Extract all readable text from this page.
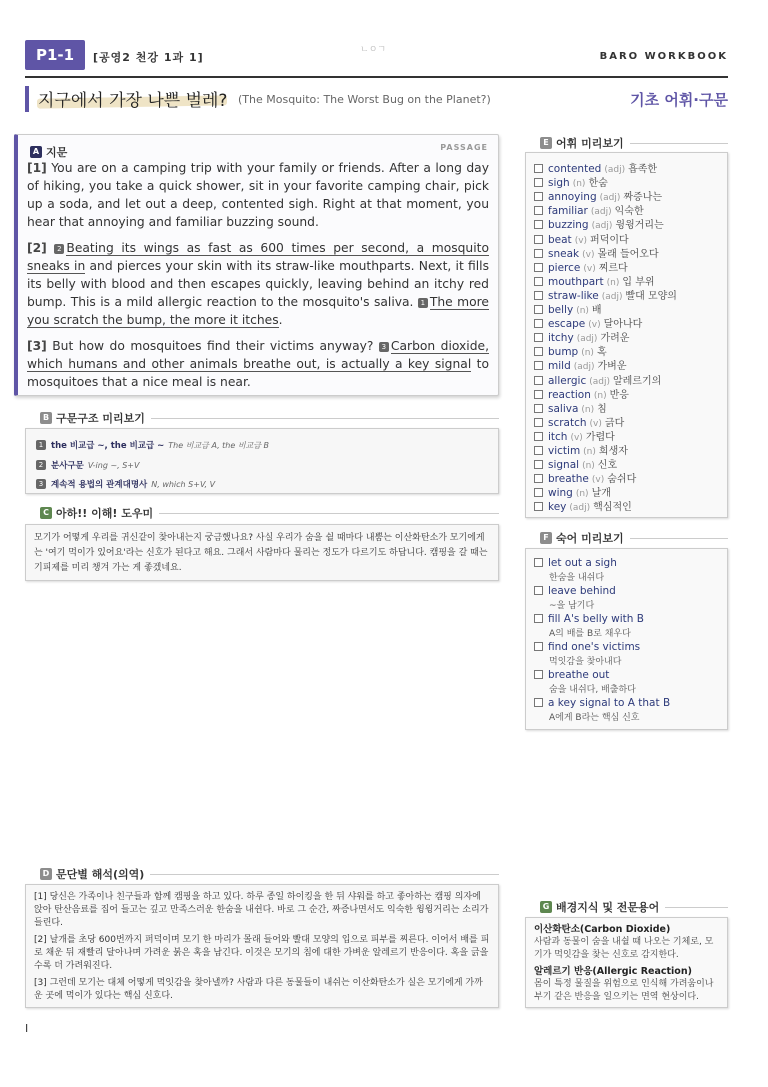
P1-1	[공영2 천강 1과 1]
ㄴㅇㄱ
BARO WORKBOOK
지구에서 가장 나쁜 벌레? (The Mosquito: The Worst Bug on the Planet?)	기초 어휘·구문
A 지문	PASSAGE

[1] You are on a camping trip with your family or friends. After a long day of hiking, you take a quick shower, sit in your favorite camping chair, pick up a soda, and let out a deep, contented sigh. Right at that moment, you hear that annoying and familiar buzzing sound.

[2] 2 Beating its wings as fast as 600 times per second, a mosquito sneaks in and pierces your skin with its straw-like mouthparts. Next, it fills its belly with blood and then escapes quickly, leaving behind an itchy red bump. This is a mild allergic reaction to the mosquito's saliva. 1 The more you scratch the bump, the more it itches.

[3] But how do mosquitoes find their victims anyway? 3 Carbon dioxide, which humans and other animals breathe out, is actually a key signal to mosquitoes that a nice meal is near.

B 구문구조 미리보기
1 the 비교급 ~, the 비교급 ~ The 비교급 A, the 비교급 B
2 분사구문 V-ing ~, S+V
3 계속적 용법의 관계대명사 N, which S+V, V
C 아하!! 이해! 도우미
모기가 어떻게 우리를 귀신같이 찾아내는지 궁금했나요? 사실 우리가 숨을 쉴 때마다 내뿜는 이산화탄소가 모기에게는 '여기 먹이가 있어요'라는 신호가 된다고 해요. 그래서 사람마다 물리는 정도가 다르기도 하답니다. 캠핑을 갈 때는 기피제를 미리 챙겨 가는 게 좋겠네요.
D 문단별 해석(의역)

[1] 당신은 가족이나 친구들과 함께 캠핑을 하고 있다. 하루 종일 하이킹을 한 뒤 샤워를 하고 좋아하는 캠핑 의자에 앉아 탄산음료를 집어 들고는 깊고 만족스러운 한숨을 내쉰다. 바로 그 순간, 짜증나면서도 익숙한 윙윙거리는 소리가 들린다.

[2] 날개를 초당 600번까지 퍼덕이며 모기 한 마리가 몰래 들어와 빨대 모양의 입으로 피부를 찌른다. 이어서 배를 피로 채운 뒤 재빨리 달아나며 가려운 붉은 혹을 남긴다. 이것은 모기의 침에 대한 가벼운 알레르기 반응이다. 혹을 긁을수록 더 가려워진다.

[3] 그런데 모기는 대체 어떻게 먹잇감을 찾아낼까? 사람과 다른 동물들이 내쉬는 이산화탄소가 실은 모기에게 가까운 곳에 먹이가 있다는 핵심 신호다.

E 어휘 미리보기
contented (adj) 흡족한
sigh (n) 한숨
annoying (adj) 짜증나는
familiar (adj) 익숙한
buzzing (adj) 윙윙거리는
beat (v) 퍼덕이다
sneak (v) 몰래 들어오다
pierce (v) 찌르다
mouthpart (n) 입 부위
straw-like (adj) 빨대 모양의
belly (n) 배
escape (v) 달아나다
itchy (adj) 가려운
bump (n) 혹
mild (adj) 가벼운
allergic (adj) 알레르기의
reaction (n) 반응
saliva (n) 침
scratch (v) 긁다
itch (v) 가렵다
victim (n) 희생자
signal (n) 신호
breathe (v) 숨쉬다
wing (n) 날개
key (adj) 핵심적인
F 숙어 미리보기
let out a sigh
한숨을 내쉬다
leave behind
~을 남기다
fill A's belly with B
A의 배를 B로 채우다
find one's victims
먹잇감을 찾아내다
breathe out
숨을 내쉬다, 배출하다
a key signal to A that B
A에게 B라는 핵심 신호
G 배경지식 및 전문용어
이산화탄소(Carbon Dioxide)
사람과 동물이 숨을 내쉴 때 나오는 기체로, 모기가 먹잇감을 찾는 신호로 감지한다.
알레르기 반응(Allergic Reaction)
몸이 특정 물질을 위험으로 인식해 가려움이나 부기 같은 반응을 일으키는 면역 현상이다.
I
